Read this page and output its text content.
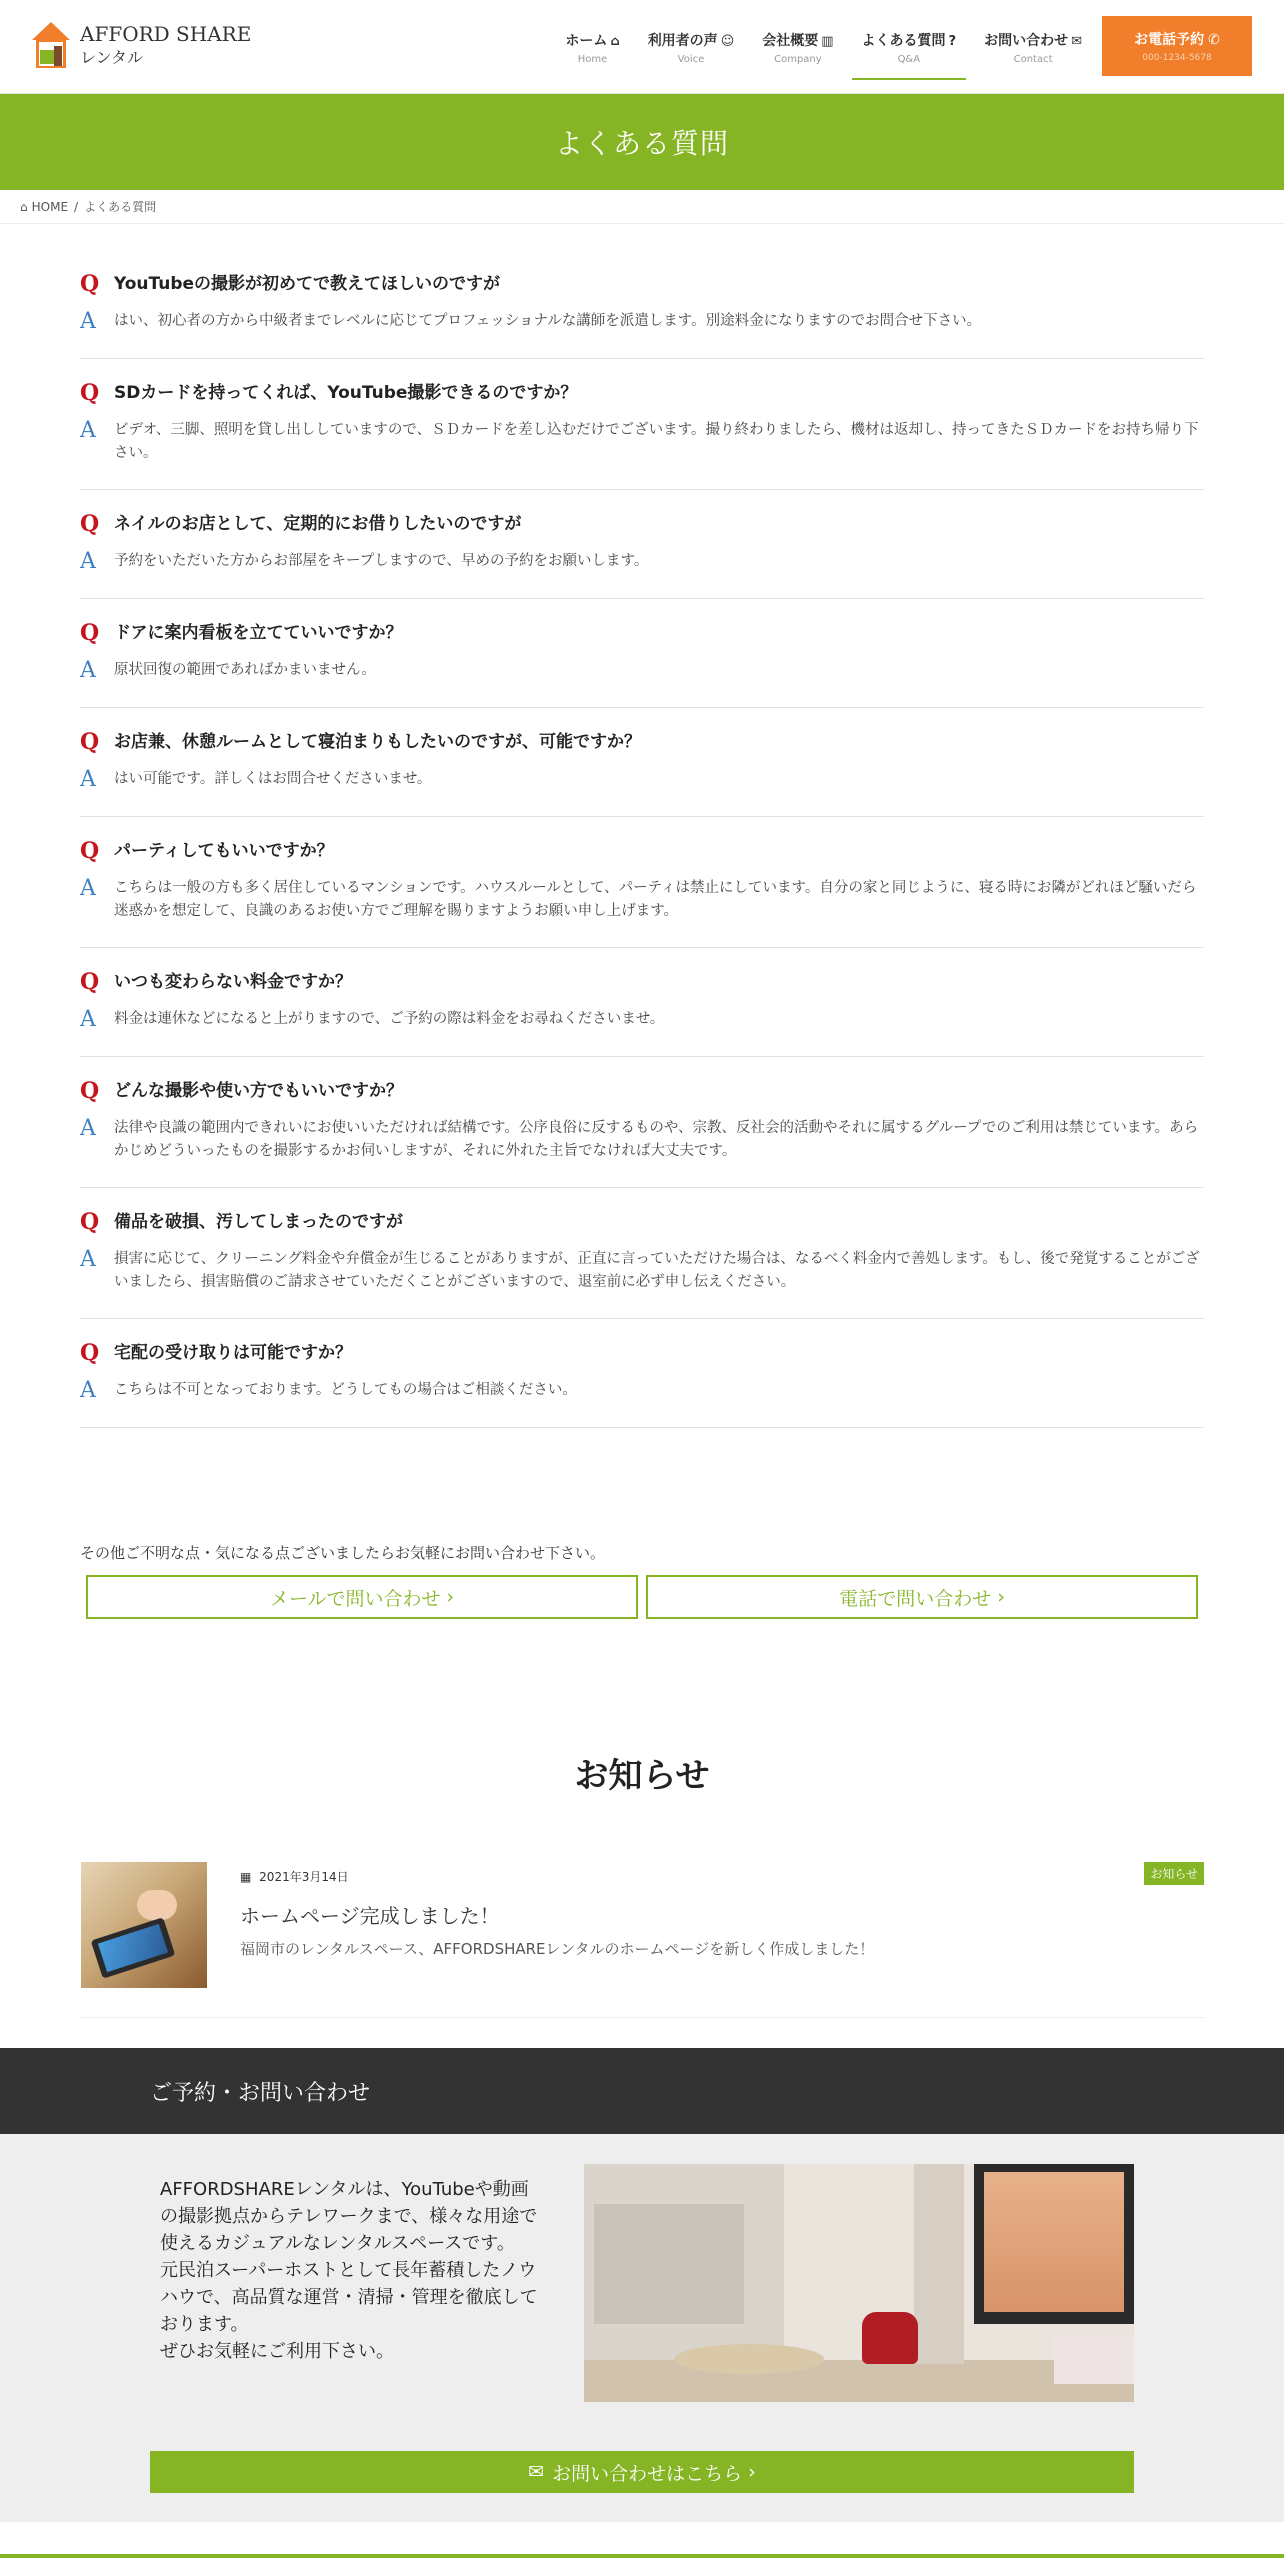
AFFORD SHARE
レンタル
ホーム ⌂
Home
利用者の声 ☺
Voice
会社概要 ▥
Company
よくある質問 ?
Q&A
お問い合わせ ✉
Contact
お電話予約 ✆
000-1234-5678
よくある質問
⌂ HOME / よくある質問
Q YouTubeの撮影が初めてで教えてほしいのですが
A	はい、初心者の方から中級者までレベルに応じてプロフェッショナルな講師を派遣します。別途料金になりますのでお問合せ下さい。
Q SDカードを持ってくれば、YouTube撮影できるのですか？
A	ビデオ、三脚、照明を貸し出ししていますので、ＳＤカードを差し込むだけでございます。撮り終わりましたら、機材は返却し、持ってきたＳＤカードをお持ち帰り下さい。
Q ネイルのお店として、定期的にお借りしたいのですが
A	予約をいただいた方からお部屋をキープしますので、早めの予約をお願いします。
Q ドアに案内看板を立てていいですか？
A	原状回復の範囲であればかまいません。
Q お店兼、休憩ルームとして寝泊まりもしたいのですが、可能ですか？
A	はい可能です。詳しくはお問合せくださいませ。
Q パーティしてもいいですか？
A	こちらは一般の方も多く居住しているマンションです。ハウスルールとして、パーティは禁止にしています。自分の家と同じように、寝る時にお隣がどれほど騒いだら迷惑かを想定して、良識のあるお使い方でご理解を賜りますようお願い申し上げます。
Q いつも変わらない料金ですか？
A	料金は連休などになると上がりますので、ご予約の際は料金をお尋ねくださいませ。
Q どんな撮影や使い方でもいいですか？
A	法律や良識の範囲内できれいにお使いいただければ結構です。公序良俗に反するものや、宗教、反社会的活動やそれに属するグループでのご利用は禁じています。あらかじめどういったものを撮影するかお伺いしますが、それに外れた主旨でなければ大丈夫です。
Q 備品を破損、汚してしまったのですが
A	損害に応じて、クリーニング料金や弁償金が生じることがありますが、正直に言っていただけた場合は、なるべく料金内で善処します。もし、後で発覚することがございましたら、損害賠償のご請求させていただくことがございますので、退室前に必ず申し伝えください。
Q 宅配の受け取りは可能ですか？
A	こちらは不可となっております。どうしてもの場合はご相談ください。
その他ご不明な点・気になる点ございましたらお気軽にお問い合わせ下さい。
メールで問い合わせ ›	電話で問い合わせ ›
お知らせ
▦ 2021年3月14日	お知らせ
ホームページ完成しました！
福岡市のレンタルスペース、AFFORDSHAREレンタルのホームページを新しく作成しました！
ご予約・お問い合わせ
AFFORDSHAREレンタルは、YouTubeや動画の撮影拠点からテレワークまで、様々な用途で使えるカジュアルなレンタルスペースです。
元民泊スーパーホストとして長年蓄積したノウハウで、高品質な運営・清掃・管理を徹底しております。
ぜひお気軽にご利用下さい。
✉ お問い合わせはこちら ›
